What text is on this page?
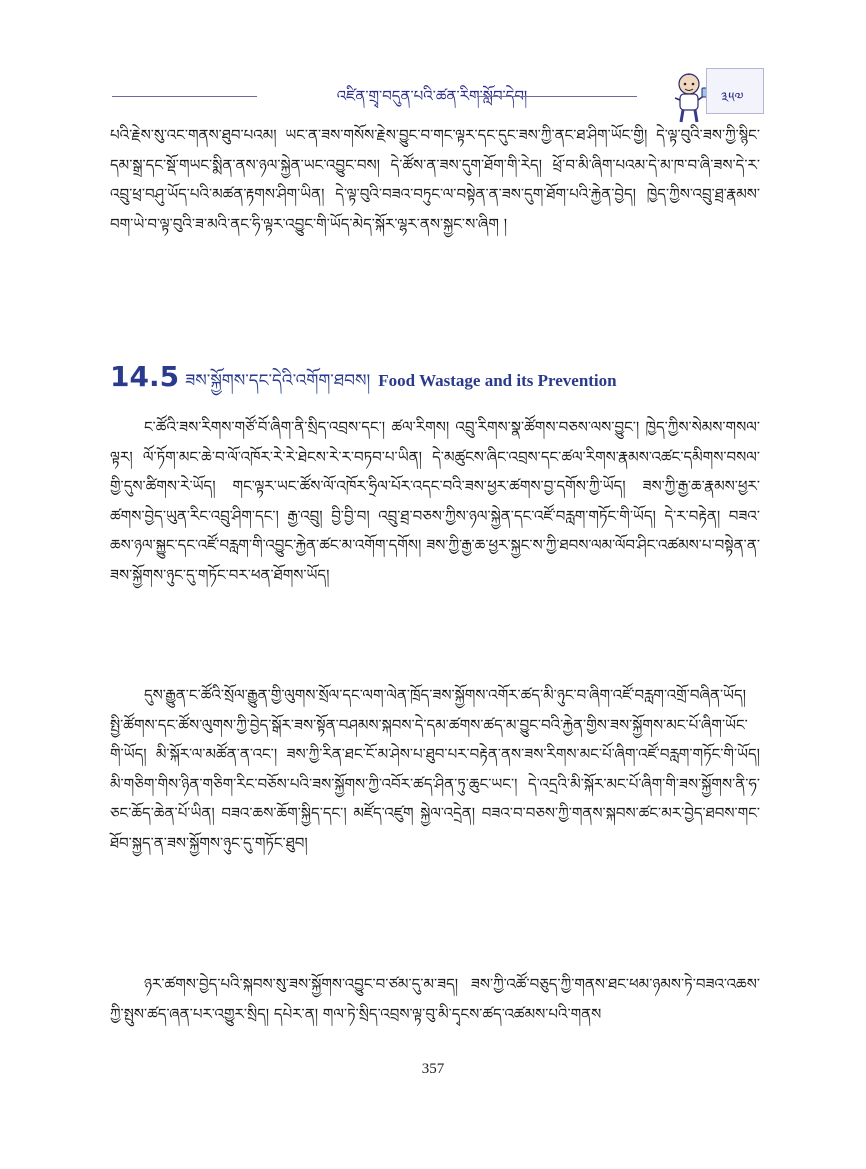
འཛིན་གྲྭ་བདུན་པའི་ཚན་རིག་སློབ་དེབ།	༣༥༧
པའི་རྗེས་སུ་འང་གནས་ཐུབ་པའམ། ཡང་ན་ཟས་གསོས་རྗེས་བྱུང་བ་གང་ལྟར་དང་དུང་ཟས་ཀྱི་ནང་ཐ་ཤིག་ཡོང་གྱི། དེ་ལྟ་བུའི་ཟས་ཀྱི་སྙིང་དམ་སྒྲ་དང་སྡོ་གཡང་སྨིན་ནས་ཉལ་སྐྱེན་ཡང་འབྱུང་བས། དེ་ཚོས་ན་ཟས་དུག་ཐོག་གི་རེད། ཕྲོ་བ་མི་ཞིག་པའམ་དེ་མ་ཁ་བ་ཞི་ཟས་དེ་ར་འབྲུ་ཕྲ་བཤུ་ཡོད་པའི་མཚན་རྟགས་ཤིག་ཡིན། དེ་ལྟ་བུའི་བཟའ་བཏུང་ལ་བསྟེན་ན་ཟས་དུག་ཐོག་པའི་རྐྱེན་བྱེད། ཁྱེད་ཀྱིས་འབྲུ་ཐྲ་རྣམས་བག་ཡེ་བ་ལྟ་བུའི་ཟ་མའི་ནང་ཧི་ལྟར་འབྱུང་གི་ཡོད་མེད་སྐོར་ལྷར་ནས་སྐྱང་ས་ཞིག །
14.5 ཟས་སྐྱོགས་དང་དེའི་འགོག་ཐབས། Food Wastage and its Prevention
ང་ཚོའི་ཟས་རིགས་གཙོ་བོ་ཞིག་ནི་སྲིད་འབྲས་དང་། ཚལ་རིགས། འབྲུ་རིགས་སྣ་ཚོགས་བཅས་ལས་བྱུང་། ཁྱེད་ཀྱིས་སེམས་གསལ་ལྟར། ལོ་ཏོག་མང་ཆེ་བ་ལོ་འཁོར་རེ་རེ་ཐེངས་རེ་ར་བཏབ་པ་ཡིན། དེ་མཚུངས་ཞིང་འབྲས་དང་ཚལ་རིགས་རྣམས་འཚང་དམིགས་བསལ་གྱི་དུས་ཚིགས་རེ་ཡོད། གང་ལྟར་ཡང་ཚོས་ལོ་འཁོར་ཧྲིལ་པོར་འདང་བའི་ཟས་ཕྱར་ཚགས་བྱ་དགོས་ཀྱི་ཡོད། ཟས་ཀྱི་རྒྱ་ཆ་རྣམས་ཕྱར་ཚགས་བྱེད་ཡུན་རིང་འབྲུ་ཤིག་དང་། རྒྱ་འབྲུ། བྱི་བྱི་བ། འབྲུ་ཐྲ་བཅས་ཀྱིས་ཉལ་སྐྱེན་དང་འཛོ་བརླག་གཏོང་གི་ཡོད། དེ་ར་བརྟེན། བཟའ་ཆས་ཉལ་སྐྱུང་དང་འཛོ་བརླག་གི་འབྱུང་རྐྱེན་ཚང་མ་འགོག་དགོས། ཟས་ཀྱི་རྒྱ་ཆ་ཕྱར་སྐྱང་ས་ཀྱི་ཐབས་ལམ་ལོབ་ཤིང་འཚམས་པ་བསྟེན་ན་ཟས་སྐྱོགས་ཉུང་དུ་གཏོང་བར་ཕན་ཐོགས་ཡོད།
དུས་རྒྱུན་ང་ཚོའི་སྲོལ་རྒྱུན་གྱི་ལུགས་སྲོལ་དང་ལག་ལེན་ཁྲོད་ཟས་སྐྱོགས་འགོར་ཚད་མི་ཉུང་བ་ཞིག་འཛོ་བརླག་འགྲོ་བཞིན་ཡོད། སྤྱི་ཚོགས་དང་ཚོས་ལུགས་ཀྱི་བྱེད་སྒོར་ཟས་སྟོན་བཤམས་སྐབས་དེ་དམ་ཚགས་ཚད་མ་བྱུང་བའི་རྐྱེན་གྱིས་ཟས་སྐྱོགས་མང་པོ་ཞིག་ཡོང་གི་ཡོད། མི་སྐོར་ལ་མཚོན་ན་འང་། ཟས་ཀྱི་རིན་ཐང་ངོ་མ་ཤེས་པ་ཐུབ་པར་བརྟེན་ནས་ཟས་རིགས་མང་པོ་ཞིག་འཛོ་བརླག་གཏོང་གི་ཡོད། མི་གཅིག་གིས་ཉིན་གཅིག་རིང་བཅོས་པའི་ཟས་སྐྱོགས་ཀྱི་འབོར་ཚད་ཤིན་ཏུ་ཆུང་ཡང་། དེ་འདྲའི་མི་སྐོར་མང་པོ་ཞིག་གི་ཟས་སྐྱོགས་ནི་ཧ་ཅང་ཆོད་ཆེན་པོ་ཡིན། བཟའ་ཆས་ཆོག་སྐྱིད་དང་། མཛོད་འཛུག སྐྱེལ་འདྲེན། བཟའ་བ་བཅས་ཀྱི་གནས་སྐབས་ཚང་མར་བྱེད་ཐབས་གང་ཐོབ་སྐྱད་ན་ཟས་སྐྱོགས་ཉུང་དུ་གཏོང་ཐུབ།
ཉར་ཚགས་བྱེད་པའི་སྐབས་སུ་ཟས་སྐྱོགས་འབྱུང་བ་ཙམ་དུ་མ་ཟད། ཟས་ཀྱི་འཚོ་བཅུད་ཀྱི་གནས་ཐང་ཕམ་ཉམས་ཏེ་བཟའ་འཆས་ཀྱི་སྤུས་ཚད་ཞན་པར་འགྱུར་སྲིད། དཔེར་ན། གལ་ཏེ་སྲིད་འབྲས་ལྟ་བུ་མི་དྭངས་ཚད་འཚམས་པའི་གནས
357
